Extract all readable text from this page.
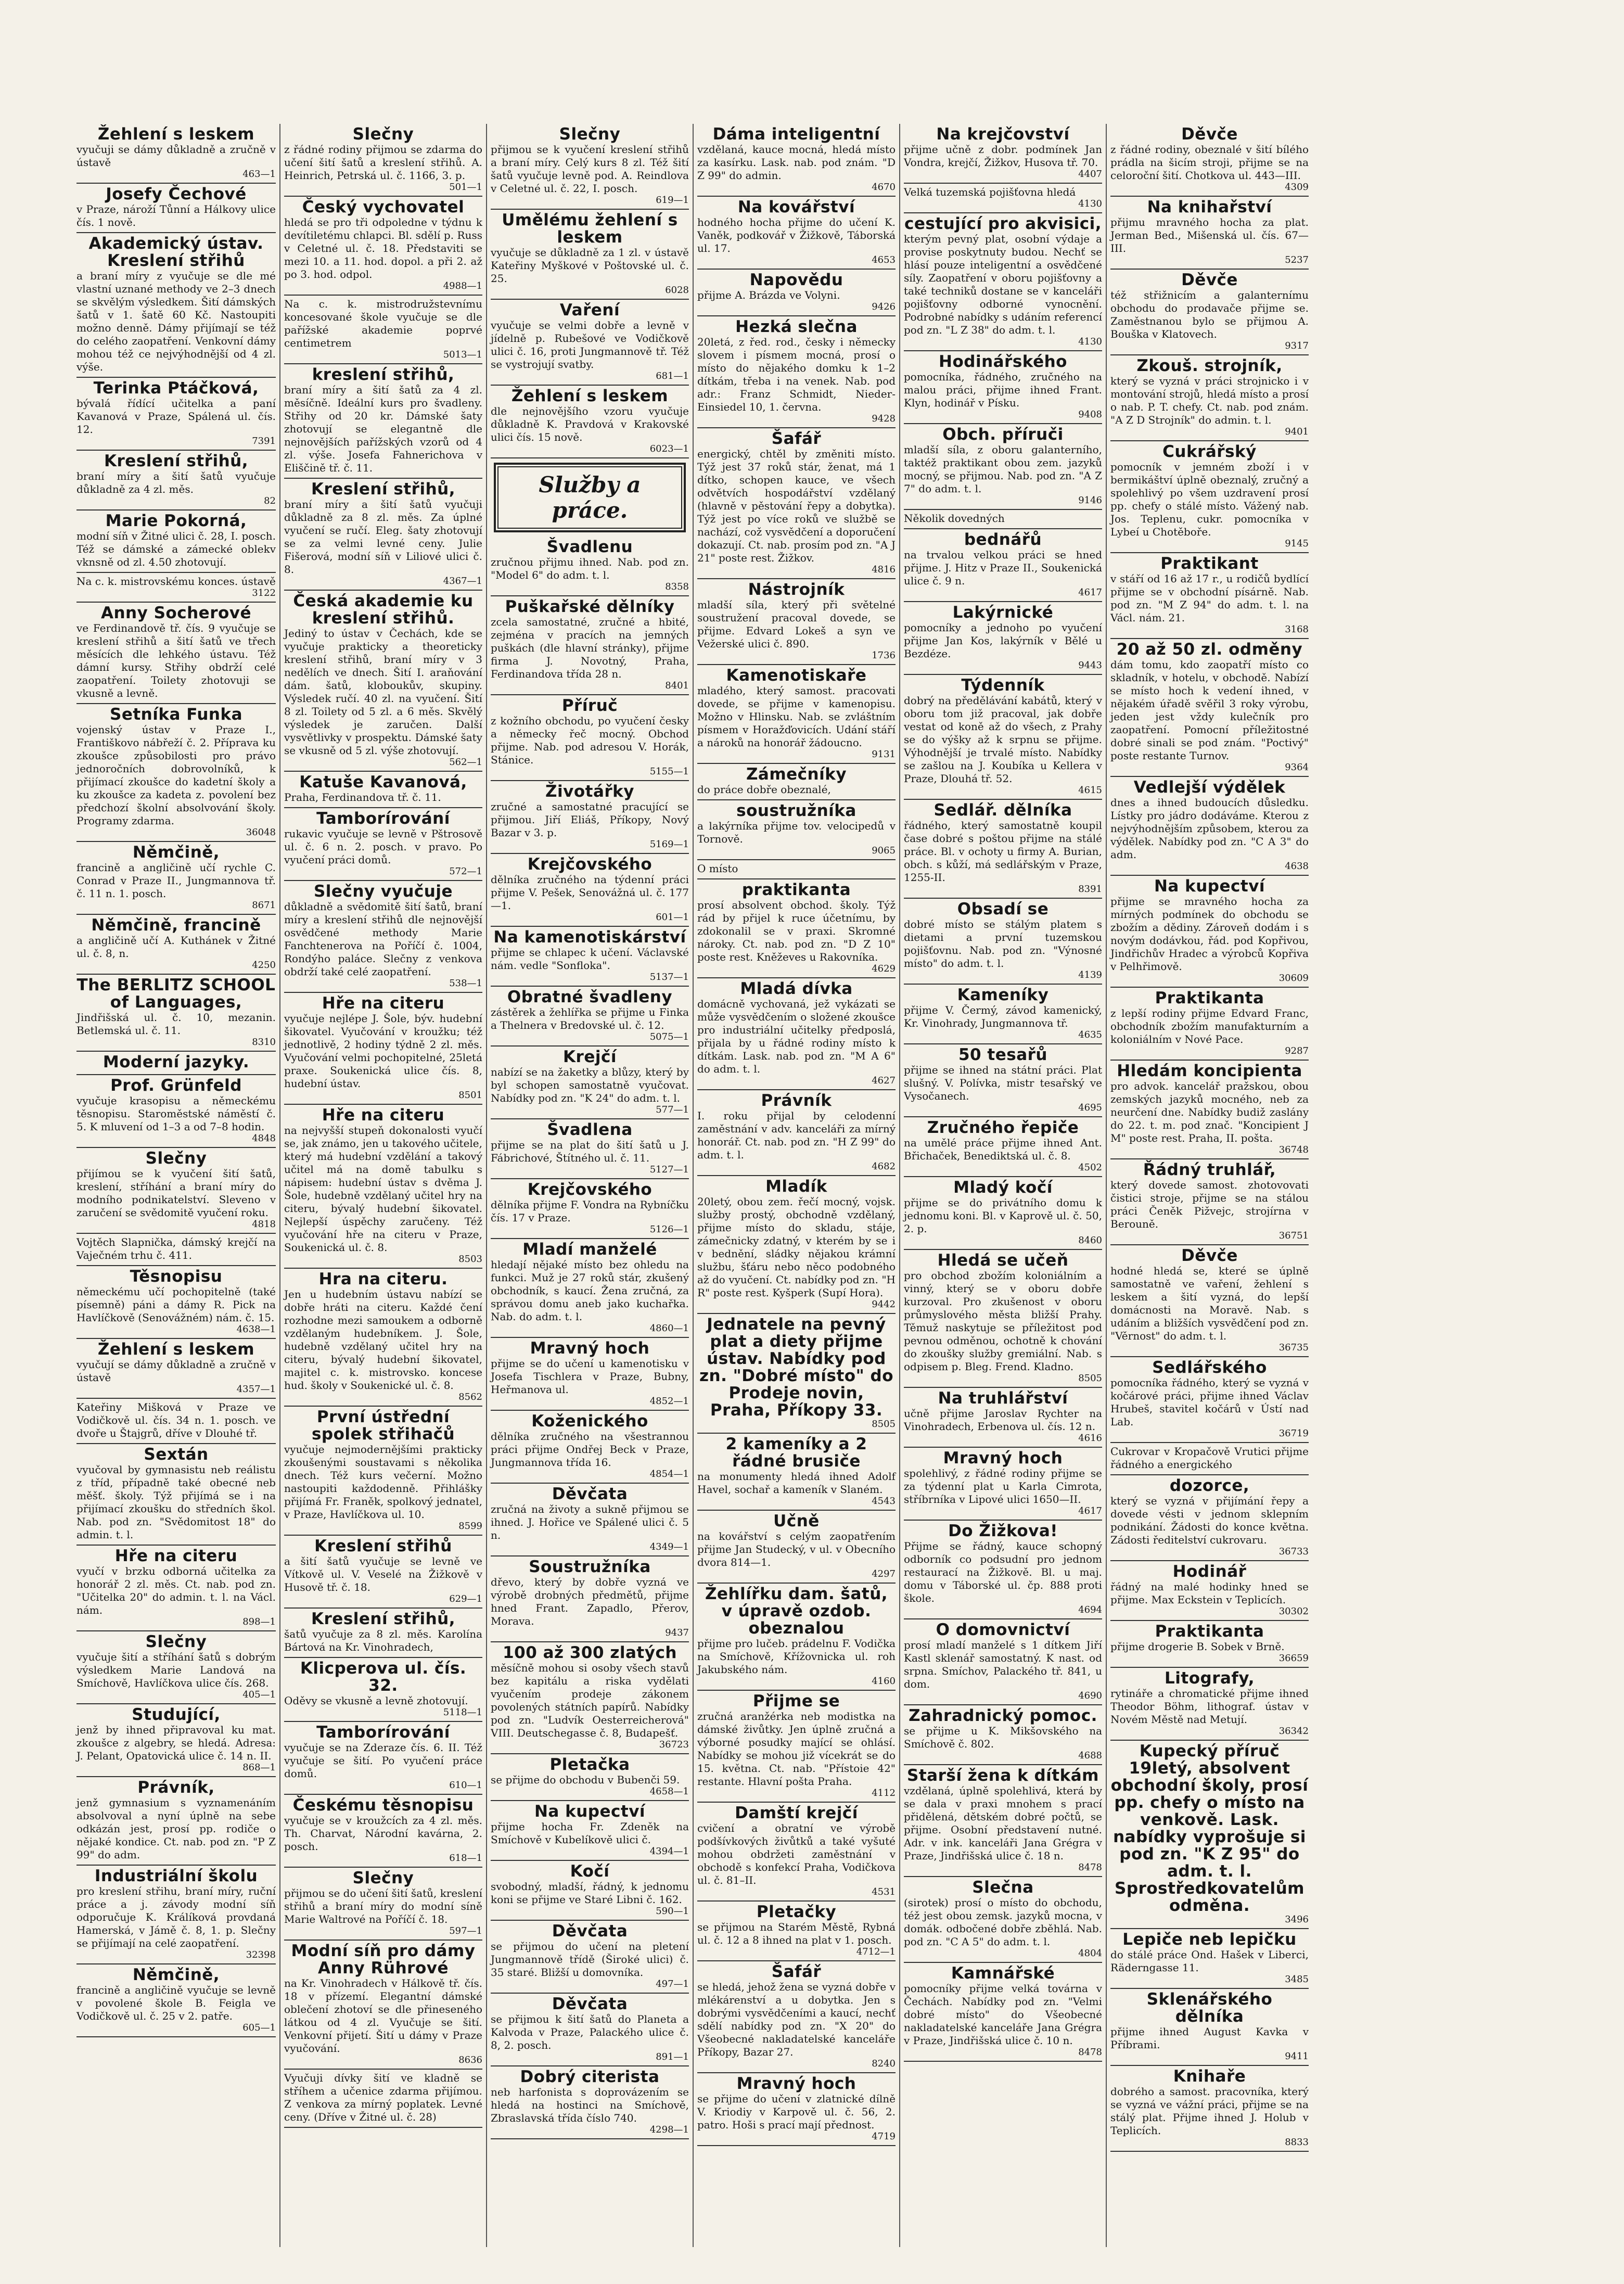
Žehlení s leskem

vyučuji se dámy důkladně a zručně v ústavě

463—1
Josefy Čechové

v Praze, nároží Tůnní a Hálkovy ulice čís. 1 nově.

Akademický ústav. Kreslení střihů

a braní míry z vyučuje se dle mé vlastní uznané methody ve 2–3 dnech se skvělým výsledkem. Šití dámských šatů v 1. šatě 60 Kč. Nastoupiti možno denně. Dámy přijímají se též do celého zaopatření. Venkovní dámy mohou též ce nejvýhodnější od 4 zl. výše.

Terinka Ptáčková,

bývalá řídící učitelka a paní Kavanová v Praze, Spálená ul. čís. 12.

7391
Kreslení střihů,

braní míry a šití šatů vyučuje důkladně za 4 zl. měs.

82
Marie Pokorná,

modní síň v Žitné ulici č. 28, I. posch. Též se dámské a zámecké oblekv vknsně od zl. 4.50 zhotovují.

Na c. k. mistrovskému konces. ústavě

3122
Anny Socherové

ve Ferdinandově tř. čís. 9 vyučuje se kreslení střihů a šití šatů ve třech měsících dle lehkého ústavu. Též dámní kursy. Střihy obdrží celé zaopatření. Toilety zhotovuji se vkusně a levně.

Setníka Funka

vojenský ústav v Praze I., Františkovo nábřeží č. 2. Příprava ku zkoušce způsobilosti pro právo jednoročních dobrovolníků, k přijímací zkoušce do kadetní školy a ku zkoušce za kadeta z. povolení bez předchozí školní absolvování školy. Programy zdarma.

36048
Němčině,

francině a angličině učí rychle C. Conrad v Praze II., Jungmannova tř. č. 11 n. 1. posch.

8671
Němčině, francině

a angličině učí A. Kuthánek v Žitné ul. č. 8, n.

4250
The BERLITZ SCHOOL of Languages,

Jindřišská ul. č. 10, mezanin. Betlemská ul. č. 11.

8310
Moderní jazyky.
Prof. Grünfeld

vyučuje krasopisu a německému těsnopisu. Staroměstské náměstí č. 5. K mluvení od 1–3 a od 7–8 hodin.

4848
Slečny

přijímou se k vyučení šití šatů, kreslení, stříhání a braní míry do modního podnikatelství. Sleveno v zaručení se svědomitě vyučení roku.

4818

Vojtěch Slapnička, dámský krejčí na Vaječném trhu č. 411.

Těsnopisu

německému učí pochopitelně (také písemně) páni a dámy R. Pick na Havlíčkově (Senovážném) nám. č. 15.

4638—1
Žehlení s leskem

vyučují se dámy důkladně a zručně v ústavě

4357—1

Kateřiny Mišková v Praze ve Vodičkově ul. čís. 34 n. 1. posch. ve dvoře u Štajgrů, dříve v Dlouhé tř.

Sextán

vyučoval by gymnasistu neb reálistu z tříd, případně také obecné neb měšť. školy. Týž přijímá se i na přijímací zkoušku do středních škol. Nab. pod zn. "Svědomitost 18" do admin. t. l.

Hře na citeru

vyučí v brzku odborná učitelka za honorář 2 zl. měs. Ct. nab. pod zn. "Učitelka 20" do admin. t. l. na Václ. nám.

898—1
Slečny

vyučuje šití a stříhání šatů s dobrým výsledkem Marie Landová na Smíchově, Havlíčkova ulice čís. 268.

405—1
Studující,

jenž by ihned připravoval ku mat. zkoušce z algebry, se hledá. Adresa: J. Pelant, Opatovická ulice č. 14 n. II.

868—1
Právník,

jenž gymnasium s vyznamenáním absolvoval a nyní úplně na sebe odkázán jest, prosí pp. rodiče o nějaké kondice. Ct. nab. pod zn. "P Z 99" do adm.

Industriální školu

pro kreslení střihu, braní míry, ruční práce a j. závody modní síň odporučuje K. Králíková provdaná Hamerská, v Jámě č. 8, 1. p. Slečny se přijímají na celé zaopatření.

32398
Němčině,

francině a angličině vyučuje se levně v povolené škole B. Feigla ve Vodičkově ul. č. 25 v 2. patře.

605—1
Slečny

z řádné rodiny přijmou se zdarma do učení šití šatů a kreslení střihů. A. Heinrich, Petrská ul. č. 1166, 3. p.

501—1
Český vychovatel

hledá se pro tři odpoledne v týdnu k devítiletému chlapci. Bl. sdělí p. Russ v Celetné ul. č. 18. Představiti se mezi 10. a 11. hod. dopol. a při 2. až po 3. hod. odpol.

4988—1

Na c. k. mistrodružstevnímu koncesované škole vyučuje se dle pařížské akademie poprvé centimetrem

5013—1
kreslení střihů,

braní míry a šití šatů za 4 zl. měsíčně. Ideální kurs pro švadleny. Střihy od 20 kr. Dámské šaty zhotovují se elegantně dle nejnovějších pařížských vzorů od 4 zl. výše. Josefa Fahnerichova v Eliščině tř. č. 11.

Kreslení střihů,

braní míry a šití šatů vyučuji důkladně za 8 zl. měs. Za úplné vyučení se ručí. Eleg. šaty zhotovují se za velmi levné ceny. Julie Fišerová, modní síň v Liliové ulici č. 8.

4367—1
Česká akademie ku kreslení střihů.

Jediný to ústav v Čechách, kde se vyučuje prakticky a theoreticky kreslení střihů, braní míry v 3 nedělích ve dnech. Šití I. araňování dám. šatů, kloboukův, skupiny. Výsledek ručí. 40 zl. na vyučení. Šití 8 zl. Toilety od 5 zl. a 6 měs. Skvělý výsledek je zaručen. Další vysvětlivky v prospektu. Dámské šaty se vkusně od 5 zl. výše zhotovují.

562—1
Katuše Kavanová,

Praha, Ferdinandova tř. č. 11.

Tamborírování

rukavic vyučuje se levně v Pštrosově ul. č. 6 n. 2. posch. v pravo. Po vyučení práci domů.

572—1
Slečny vyučuje

důkladně a svědomitě šití šatů, braní míry a kreslení střihů dle nejnovější osvědčené methody Marie Fanchtenerova na Poříčí č. 1004, Rondýho paláce. Slečny z venkova obdrží také celé zaopatření.

538—1
Hře na citeru

vyučuje nejlépe J. Šole, býv. hudební šikovatel. Vyučování v kroužku; též jednotlivě, 2 hodiny týdně 2 zl. měs. Vyučování velmi pochopitelné, 25letá praxe. Soukenická ulice čís. 8, hudební ústav.

8501
Hře na citeru

na nejvyšší stupeň dokonalosti vyučí se, jak známo, jen u takového učitele, který má hudební vzdělání a takový učitel má na domě tabulku s nápisem: hudební ústav s dvěma J. Šole, hudebně vzdělaný učitel hry na citeru, bývalý hudební šikovatel. Nejlepší úspěchy zaručeny. Též vyučování hře na citeru v Praze, Soukenická ul. č. 8.

8503
Hra na citeru.

Jen u hudebním ústavu nabízí se dobře hráti na citeru. Každé čení rozhodne mezi samoukem a odborně vzdělaným hudebníkem. J. Šole, hudebně vzdělaný učitel hry na citeru, bývalý hudební šikovatel, majitel c. k. mistrovsko. koncese hud. školy v Soukenické ul. č. 8.

8562
První ústřední spolek střihačů

vyučuje nejmodernějšími prakticky zkoušenými soustavami s několika dnech. Též kurs večerní. Možno nastoupiti každodenně. Přihlášky přijímá Fr. Franěk, spolkový jednatel, v Praze, Havlíčkova ul. 10.

8599
Kreslení střihů

a šití šatů vyučuje se levně ve Vítkově ul. V. Veselé na Žižkově v Husově tř. č. 18.

629—1
Kreslení střihů,

šatů vyučuje za 8 zl. měs. Karolína Bártová na Kr. Vinohradech,

Klicperova ul. čís. 32.

Oděvy se vkusně a levně zhotovují.

5118—1
Tamborírování

vyučuje se na Zderaze čís. 6. II. Též vyučuje se šití. Po vyučení práce domů.

610—1
Českému těsnopisu

vyučuje se v kroužcích za 4 zl. měs. Th. Charvat, Národní kavárna, 2. posch.

618—1
Slečny

přijmou se do učení šití šatů, kreslení střihů a braní míry do modní síně Marie Waltrové na Poříčí č. 18.

597—1
Modní síň pro dámy Anny Rührové

na Kr. Vinohradech v Hálkově tř. čís. 18 v přízemí. Elegantní dámské oblečení zhotoví se dle přineseného látkou od 4 zl. Vyučuje se šití. Venkovní přijetí. Šití u dámy v Praze vyučování.

8636

Vyučuji dívky šití ve kladně se stříhem a učenice zdarma přijímou. Z venkova za mírný poplatek. Levné ceny. (Dříve v Žitné ul. č. 28)

Slečny

přijmou se k vyučení kreslení střihů a braní míry. Celý kurs 8 zl. Též šití šatů vyučuje levně pod. A. Reindlova v Celetné ul. č. 22, I. posch.

619—1
Umělému žehlení s leskem

vyučuje se důkladně za 1 zl. v ústavě Kateřiny Myškové v Poštovské ul. č. 25.

6028
Vaření

vyučuje se velmi dobře a levně v jídelně p. Rubešové ve Vodičkově ulici č. 16, proti Jungmannově tř. Též se vystrojují svatby.

681—1
Žehlení s leskem

dle nejnovějšího vzoru vyučuje důkladně K. Pravdová v Krakovské ulici čís. 15 nově.

6023—1
Služby a práce.
Švadlenu

zručnou přijmu ihned. Nab. pod zn. "Model 6" do adm. t. l.

8358
Puškařské dělníky

zcela samostatné, zručné a hbité, zejména v pracích na jemných puškách (dle hlavní stránky), přijme firma J. Novotný, Praha, Ferdinandova třída 28 n.

8401
Příruč

z kožního obchodu, po vyučení česky a německy řeč mocný. Obchod přijme. Nab. pod adresou V. Horák, Stánice.

5155—1
Životářky

zručné a samostatné pracující se přijmou. Jiří Eliáš, Příkopy, Nový Bazar v 3. p.

5169—1
Krejčovského

dělníka zručného na týdenní práci přijme V. Pešek, Senovážná ul. č. 177—1.

601—1
Na kamenotiskárství

přijme se chlapec k učení. Václavské nám. vedle "Sonfloka".

5137—1
Obratné švadleny

zástěrek a žehlířka se přijme u Finka a Thelnera v Bredovské ul. č. 12.

5075—1
Krejčí

nabízí se na žaketky a blůzy, který by byl schopen samostatně vyučovat. Nabídky pod zn. "K 24" do adm. t. l.

577—1
Švadlena

přijme se na plat do šití šatů u J. Fábrichové, Štítného ul. č. 11.

5127—1
Krejčovského

dělníka přijme F. Vondra na Rybníčku čís. 17 v Praze.

5126—1
Mladí manželé

hledají nějaké místo bez ohledu na funkci. Muž je 27 roků stár, zkušený obchodník, s kaucí. Žena zručná, za správou domu aneb jako kuchařka. Nab. do adm. t. l.

4860—1
Mravný hoch

přijme se do učení u kamenotisku v Josefa Tischlera v Praze, Bubny, Heřmanova ul.

4852—1
Koženického

dělníka zručného na všestrannou práci přijme Ondřej Beck v Praze, Jungmannova třída 16.

4854—1
Děvčata

zručná na životy a sukně přijmou se ihned. J. Hořice ve Spálené ulici č. 5 n.

4349—1
Soustružníka

dřevo, který by dobře vyzná ve výrobě drobných předmětů, přijme hned Frant. Zapadlo, Přerov, Morava.

9437
100 až 300 zlatých

měsíčně mohou si osoby všech stavů bez kapitálu a riska vydělati vyučením prodeje zákonem povolených státních papírů. Nabídky pod zn. "Ludvík Oesterreicherová" VIII. Deutschegasse č. 8, Budapešť.

36723
Pletačka

se přijme do obchodu v Bubenči 59.

4658—1
Na kupectví

přijme hocha Fr. Zdeněk na Smíchově v Kubelíkově ulici č.

4394—1
Kočí

svobodný, mladší, řádný, k jednomu koni se přijme ve Staré Libni č. 162.

590—1
Děvčata

se přijmou do učení na pletení Jungmannově třídě (Široké ulici) č. 35 staré. Bližší u domovníka.

497—1
Děvčata

se přijmou k šití šatů do Planeta a Kalvoda v Praze, Palackého ulice č. 8, 2. posch.

891—1
Dobrý citerista

neb harfonista s doprovázením se hledá na hostinci na Smíchově, Zbraslavská třída číslo 740.

4298—1
Dáma inteligentní

vzdělaná, kauce mocná, hledá místo za kasírku. Lask. nab. pod znám. "D Z 99" do admin.

4670
Na kovářství

hodného hocha přijme do učení K. Vaněk, podkovář v Žižkově, Táborská ul. 17.

4653
Napovědu

přijme A. Brázda ve Volyni.

9426
Hezká slečna

20letá, z řed. rod., česky i německy slovem i písmem mocná, prosí o místo do nějakého domku k 1–2 dítkám, třeba i na venek. Nab. pod adr.: Franz Schmidt, Nieder-Einsiedel 10, 1. června.

9428
Šafář

energický, chtěl by změniti místo. Týž jest 37 roků stár, ženat, má 1 dítko, schopen kauce, ve všech odvětvích hospodářství vzdělaný (hlavně v pěstování řepy a dobytka). Týž jest po více roků ve službě se nachází, což vysvědčení a doporučení dokazují. Ct. nab. prosím pod zn. "A J 21" poste rest. Žižkov.

4816
Nástrojník

mladší síla, který při světelné soustružení pracoval dovede, se přijme. Edvard Lokeš a syn ve Vežerské ulici č. 890.

1736
Kamenotiskaře

mladého, který samost. pracovati dovede, se přijme v kamenopisu. Možno v Hlinsku. Nab. se zvláštním písmem v Horažďovicích. Udání stáří a nároků na honorář žádoucno.

9131
Zámečníky

do práce dobře obeznalé,

soustružníka

a lakýrníka přijme tov. velocipedů v Tornově.

9065

O místo

praktikanta

prosí absolvent obchod. školy. Týž rád by přijel k ruce účetnímu, by zdokonalil se v praxi. Skromné nároky. Ct. nab. pod zn. "D Z 10" poste rest. Kněževes u Rakovníka.

4629
Mladá dívka

domácně vychovaná, jež vykázati se může vysvědčením o složené zkoušce pro industriální učitelky předposlá, přijala by u řádné rodiny místo k dítkám. Lask. nab. pod zn. "M A 6" do adm. t. l.

4627
Právník

I. roku přijal by celodenní zaměstnání v adv. kanceláři za mírný honorář. Ct. nab. pod zn. "H Z 99" do adm. t. l.

4682
Mladík

20letý, obou zem. řečí mocný, vojsk. služby prostý, obchodně vzdělaný, přijme místo do skladu, stáje, zámečnicky zdatný, v kterém by se i v bednění, sládky nějakou krámní službu, šťáru nebo něco podobného až do vyučení. Ct. nabídky pod zn. "H R" poste rest. Kyšperk (Supí Hora).

9442
Jednatele na pevný plat a diety přijme ústav. Nabídky pod zn. "Dobré místo" do Prodeje novin, Praha, Příkopy 33.
8505
2 kameníky a 2 řádné brusiče

na monumenty hledá ihned Adolf Havel, sochař a kameník v Slaném.

4543
Učně

na kovářství s celým zaopatřením přijme Jan Studecký, v ul. v Obecního dvora 814—1.

4297
Žehlířku dam. šatů, v úpravě ozdob. obeznalou

přijme pro lučeb. prádelnu F. Vodička na Smíchově, Křížovnicka ul. roh Jakubského nám.

4160
Přijme se

zručná aranžérka neb modistka na dámské živůtky. Jen úplně zručná a výborné posudky mající se ohlásí. Nabídky se mohou již vícekrát se do 15. května. Ct. nab. "Přístoie 42" restante. Hlavní pošta Praha.

4112
Damští krejčí

cvičení a obratní ve výrobě podšívkových živůtků a také vyšuté mohou obdržeti zaměstnání v obchodě s konfekcí Praha, Vodičkova ul. č. 81–II.

4531
Pletačky

se přijmou na Starém Městě, Rybná ul. č. 12 a 8 ihned na plat v 1. posch.

4712—1
Šafář

se hledá, jehož žena se vyzná dobře v mlékárenství a u dobytka. Jen s dobrými vysvědčeními a kaucí, nechť sdělí nabídky pod zn. "X 20" do Všeobecné nakladatelské kanceláře Příkopy, Bazar 27.

8240
Mravný hoch

se přijme do učení v zlatnické dílně V. Kriodiy v Karpově ul. č. 56, 2. patro. Hoši s prací mají přednost.

4719
Na krejčovství

přijme učně z dobr. podmínek Jan Vondra, krejčí, Žižkov, Husova tř. 70.

4407

Velká tuzemská pojišťovna hledá

4130
cestující pro akvisici,

kterým pevný plat, osobní výdaje a provise poskytnuty budou. Nechť se hlásí pouze inteligentní a osvědčené síly. Zaopatření v oboru pojišťovny a také techniků dostane se v kanceláři pojišťovny odborné vynocnění. Podrobné nabídky s udáním referencí pod zn. "L Z 38" do adm. t. l.

4130
Hodinářského

pomocníka, řádného, zručného na malou práci, přijme ihned Frant. Klyn, hodinář v Písku.

9408
Obch. příruči

mladší síla, z oboru galanterního, taktéž praktikant obou zem. jazyků mocný, se přijmou. Nab. pod zn. "A Z 7" do adm. t. l.

9146

Několik dovedných

bednářů

na trvalou velkou práci se hned přijme. J. Hitz v Praze II., Soukenická ulice č. 9 n.

4617
Lakýrnické

pomocníky a jednoho po vyučení přijme Jan Kos, lakýrník v Bělé u Bezdéze.

9443
Týdenník

dobrý na předělávání kabátů, který v oboru tom již pracoval, jak dobře vestat od koně až do všech, z Prahy se do výšky až k srpnu se přijme. Výhodnější je trvalé místo. Nabídky se zašlou na J. Koubíka u Kellera v Praze, Dlouhá tř. 52.

4615
Sedlář. dělníka

řádného, který samostatně koupil čase dobré s poštou přijme na stálé práce. Bl. v ochoty u firmy A. Burian, obch. s kůží, má sedlářským v Praze, 1255-II.

8391
Obsadí se

dobré místo se stálým platem s dietami a první tuzemskou pojišťovnu. Nab. pod zn. "Výnosné místo" do adm. t. l.

4139
Kameníky

přijme V. Čermý, závod kamenický, Kr. Vinohrady, Jungmannova tř.

4635
50 tesařů

přijme se ihned na státní práci. Plat slušný. V. Polívka, mistr tesařský ve Vysočanech.

4695
Zručného řepiče

na umělé práce přijme ihned Ant. Břichaček, Benediktská ul. č. 8.

4502
Mladý kočí

přijme se do privátního domu k jednomu koni. Bl. v Kaprově ul. č. 50, 2. p.

8460
Hledá se učeň

pro obchod zbožím koloniálním a vinný, který se v oboru dobře kurzoval. Pro zkušenost v oboru průmyslového města bližší Prahy. Těmuž naskytuje se příležitost pod pevnou odměnou, ochotně k chování do zkoušky služby gremiální. Nab. s odpisem p. Bleg. Frend. Kladno.

8505
Na truhlářství

učně přijme Jaroslav Rychter na Vinohradech, Erbenova ul. čís. 12 n.

4616
Mravný hoch

spolehlivý, z řádné rodiny přijme se za týdenní plat u Karla Cimrota, stříbrníka v Lipové ulici 1650—II.

4617
Do Žižkova!

Přijme se řádný, kauce schopný odborník co podsudní pro jednom restaurací na Žižkově. Bl. u maj. domu v Táborské ul. čp. 888 proti škole.

4694
O domovnictví

prosí mladí manželé s 1 dítkem Jiří Kastl sklenář samostatný. K nast. od srpna. Smíchov, Palackého tř. 841, u dom.

4690
Zahradnický pomoc.

se přijme u K. Mikšovského na Smíchově č. 802.

4688
Starší žena k dítkám

vzdělaná, úplně spolehlivá, která by se dala v praxi mnohem s prací přidělená, dětském dobré počtů, se přijme. Osobní představení nutné. Adr. v ink. kanceláři Jana Grégra v Praze, Jindřišská ulice č. 18 n.

8478
Slečna

(sirotek) prosí o místo do obchodu, též jest obou zemsk. jazyků mocna, v domák. odbočené dobře zběhlá. Nab. pod zn. "C A 5" do adm. t. l.

4804
Kamnářské

pomocníky přijme velká továrna v Čechách. Nabídky pod zn. "Velmi dobré místo" do Všeobecné nakladatelské kanceláře Jana Grégra v Praze, Jindřišská ulice č. 10 n.

8478
Děvče

z řádné rodiny, obeznalé v šití bílého prádla na šicím stroji, přijme se na celoroční šití. Chotkova ul. 443—III.

4309
Na knihařství

přijmu mravného hocha za plat. Jerman Bed., Mišenská ul. čís. 67—III.

5237
Děvče

též střižnicím a galanternímu obchodu do prodavače přijme se. Zaměstnanou bylo se přijmou A. Bouška v Klatovech.

9317
Zkouš. strojník,

který se vyzná v práci strojnicko i v montování strojů, hledá místo a prosí o nab. P. T. chefy. Ct. nab. pod znám. "A Z D Strojník" do admin. t. l.

9401
Cukrářský

pomocník v jemném zboží i v bermikáštví úplně obeznalý, zručný a spolehlivý po všem uzdravení prosí pp. chefy o stálé místo. Vážený nab. Jos. Teplenu, cukr. pomocníka v Lybeí u Chotěboře.

9145
Praktikant

v stáří od 16 až 17 r., u rodičů bydlící přijme se v obchodní písárně. Nab. pod zn. "M Z 94" do adm. t. l. na Václ. nám. 21.

3168
20 až 50 zl. odměny

dám tomu, kdo zaopatří místo co skladník, v hotelu, v obchodě. Nabízí se místo hoch k vedení ihned, v nějakém úřadě svěřil 3 roky výrobu, jeden jest vždy kulečník pro zaopatření. Pomocní příležitostné dobré sinali se pod znám. "Poctivý" poste restante Turnov.

9364
Vedlejší výdělek

dnes a ihned budoucích důsledku. Lístky pro jádro dodáváme. Kterou z nejvýhodnějším způsobem, kterou za výdělek. Nabídky pod zn. "C A 3" do adm.

4638
Na kupectví

přijme se mravného hocha za mírných podmínek do obchodu se zbožím a dědiny. Zároveň dodám i s novým dodávkou, řád. pod Kopřivou, Jindřichův Hradec a výrobců Kopřiva v Pelhřimově.

30609
Praktikanta

z lepší rodiny přijme Edvard Franc, obchodník zbožím manufakturním a koloniálním v Nové Pace.

9287
Hledám koncipienta

pro advok. kancelář pražskou, obou zemských jazyků mocného, neb za neurčení dne. Nabídky budiž zaslány do 22. t. m. pod znač. "Koncipient J M" poste rest. Praha, II. pošta.

36748
Řádný truhlář,

který dovede samost. zhotovovati čistici stroje, přijme se na stálou práci Čeněk Pižvejc, strojírna v Berouně.

36751
Děvče

hodné hledá se, které se úplně samostatně ve vaření, žehlení s leskem a šití vyzná, do lepší domácnosti na Moravě. Nab. s udáním a bližších vysvědčení pod zn. "Věrnost" do adm. t. l.

36735
Sedlářského

pomocníka řádného, který se vyzná v kočárové práci, přijme ihned Václav Hrubeš, stavitel kočárů v Ústí nad Lab.

36719

Cukrovar v Kropačově Vrutici přijme řádného a energického

dozorce,

který se vyzná v přijímání řepy a dovede vésti v jednom sklepním podnikání. Žádosti do konce května. Zádosti ředitelství cukrovaru.

36733
Hodinář

řádný na malé hodinky hned se přijme. Max Eckstein v Teplicích.

30302
Praktikanta

přijme drogerie B. Sobek v Brně.

36659
Litografy,

rytináře a chromatické přijme ihned Theodor Böhm, lithograf. ústav v Novém Městě nad Metují.

36342
Kupecký příruč 19letý, absolvent obchodní školy, prosí pp. chefy o místo na venkově. Lask. nabídky vyprošuje si pod zn. "K Z 95" do adm. t. l. Sprostředkovatelům odměna.
3496
Lepiče neb lepičku

do stálé práce Ond. Hašek v Liberci, Räderngasse 11.

3485
Sklenářského dělníka

přijme ihned August Kavka v Příbrami.

9411
Knihaře

dobrého a samost. pracovníka, který se vyzná ve vážní práci, přijme se na stálý plat. Přijme ihned J. Holub v Teplicích.

8833
